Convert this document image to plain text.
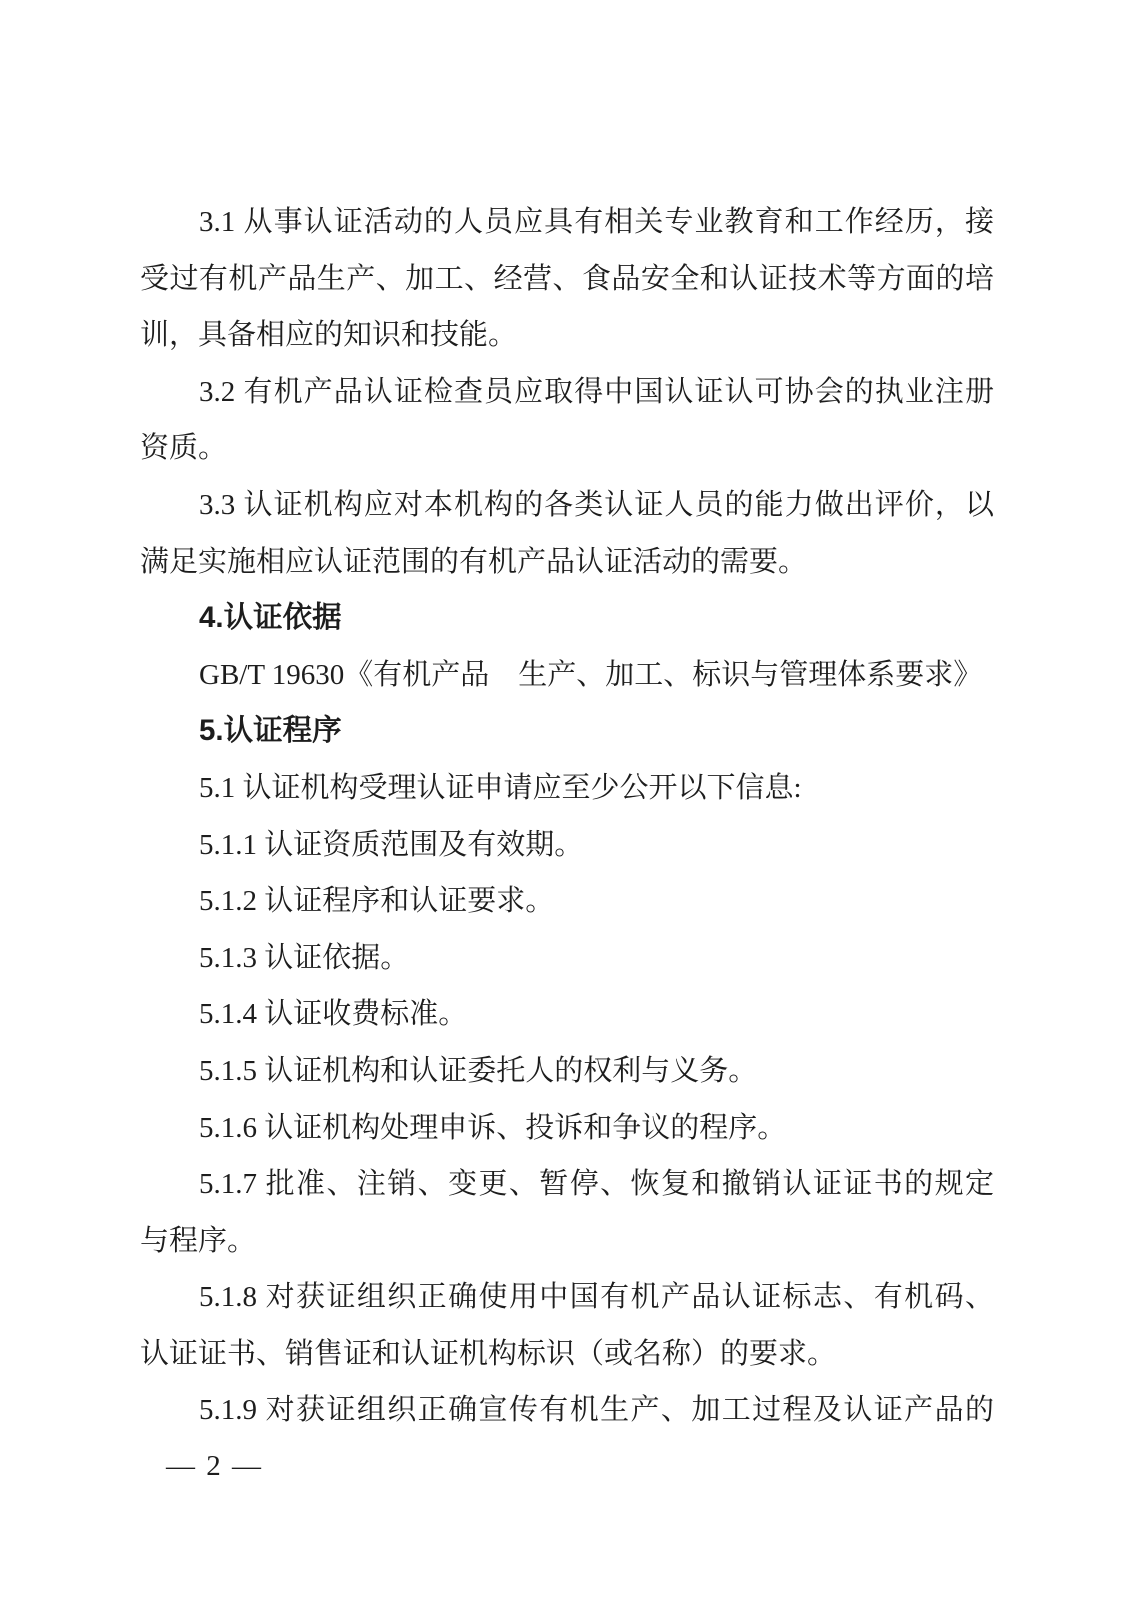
3.1 从事认证活动的人员应具有相关专业教育和工作经历，接
受过有机产品生产、加工、经营、食品安全和认证技术等方面的培
训，具备相应的知识和技能。
3.2 有机产品认证检查员应取得中国认证认可协会的执业注册
资质。
3.3 认证机构应对本机构的各类认证人员的能力做出评价，以
满足实施相应认证范围的有机产品认证活动的需要。
4.认证依据
GB/T 19630《有机产品　生产、加工、标识与管理体系要求》
5.认证程序
5.1 认证机构受理认证申请应至少公开以下信息:
5.1.1 认证资质范围及有效期。
5.1.2 认证程序和认证要求。
5.1.3 认证依据。
5.1.4 认证收费标准。
5.1.5 认证机构和认证委托人的权利与义务。
5.1.6 认证机构处理申诉、投诉和争议的程序。
5.1.7 批准、注销、变更、暂停、恢复和撤销认证证书的规定
与程序。
5.1.8 对获证组织正确使用中国有机产品认证标志、有机码、
认证证书、销售证和认证机构标识（或名称）的要求。
5.1.9 对获证组织正确宣传有机生产、加工过程及认证产品的
— 2 —
